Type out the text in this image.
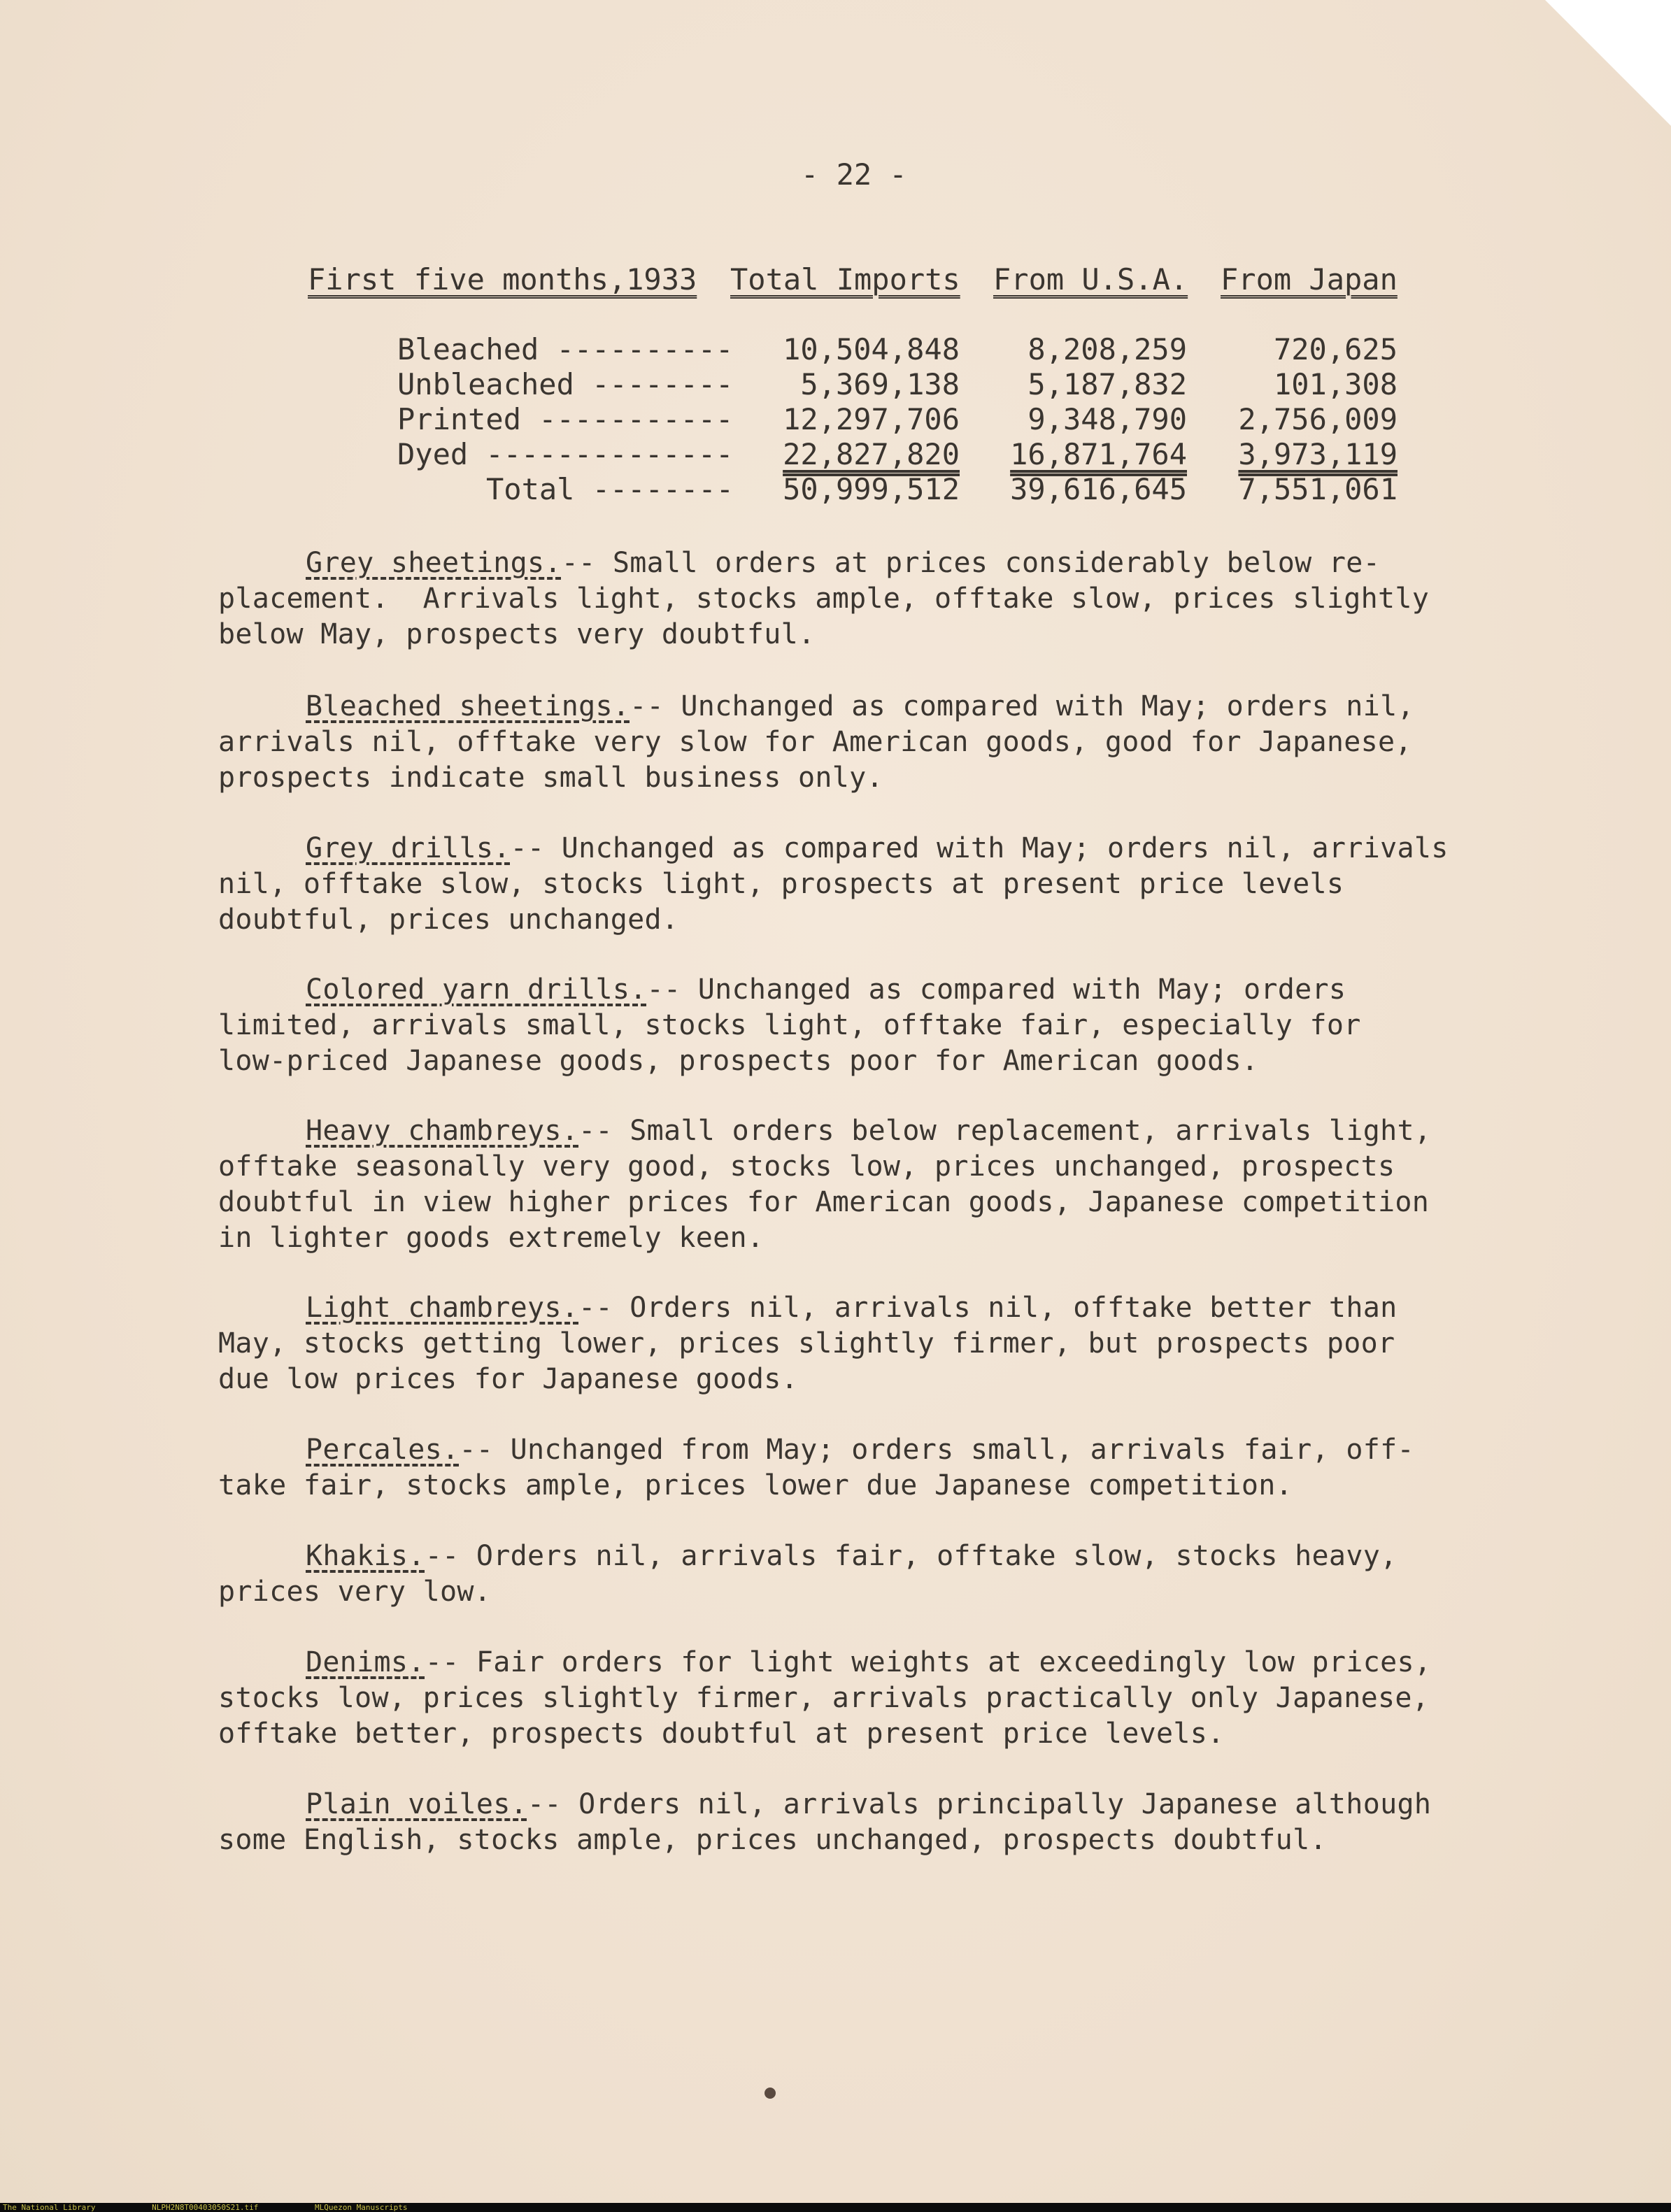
- 22 -
First five months,1933 Total Imports From U.S.A. From Japan
Bleached ----------	10,504,848	8,208,259	720,625
Unbleached --------	5,369,138	5,187,832	101,308
Printed -----------	12,297,706	9,348,790	2,756,009
Dyed --------------	22,827,820	16,871,764	3,973,119
Total --------	50,999,512	39,616,645	7,551,061
Grey sheetings.-- Small orders at prices considerably below re-
placement.  Arrivals light, stocks ample, offtake slow, prices slightly
below May, prospects very doubtful.
Bleached sheetings.-- Unchanged as compared with May; orders nil,
arrivals nil, offtake very slow for American goods, good for Japanese,
prospects indicate small business only.
Grey drills.-- Unchanged as compared with May; orders nil, arrivals
nil, offtake slow, stocks light, prospects at present price levels
doubtful, prices unchanged.
Colored yarn drills.-- Unchanged as compared with May; orders
limited, arrivals small, stocks light, offtake fair, especially for
low-priced Japanese goods, prospects poor for American goods.
Heavy chambreys.-- Small orders below replacement, arrivals light,
offtake seasonally very good, stocks low, prices unchanged, prospects
doubtful in view higher prices for American goods, Japanese competition
in lighter goods extremely keen.
Light chambreys.-- Orders nil, arrivals nil, offtake better than
May, stocks getting lower, prices slightly firmer, but prospects poor
due low prices for Japanese goods.
Percales.-- Unchanged from May; orders small, arrivals fair, off-
take fair, stocks ample, prices lower due Japanese competition.
Khakis.-- Orders nil, arrivals fair, offtake slow, stocks heavy,
prices very low.
Denims.-- Fair orders for light weights at exceedingly low prices,
stocks low, prices slightly firmer, arrivals practically only Japanese,
offtake better, prospects doubtful at present price levels.
Plain voiles.-- Orders nil, arrivals principally Japanese although
some English, stocks ample, prices unchanged, prospects doubtful.
The National Library	NLPH2N8T00403050S21.tif	MLQuezon Manuscripts
